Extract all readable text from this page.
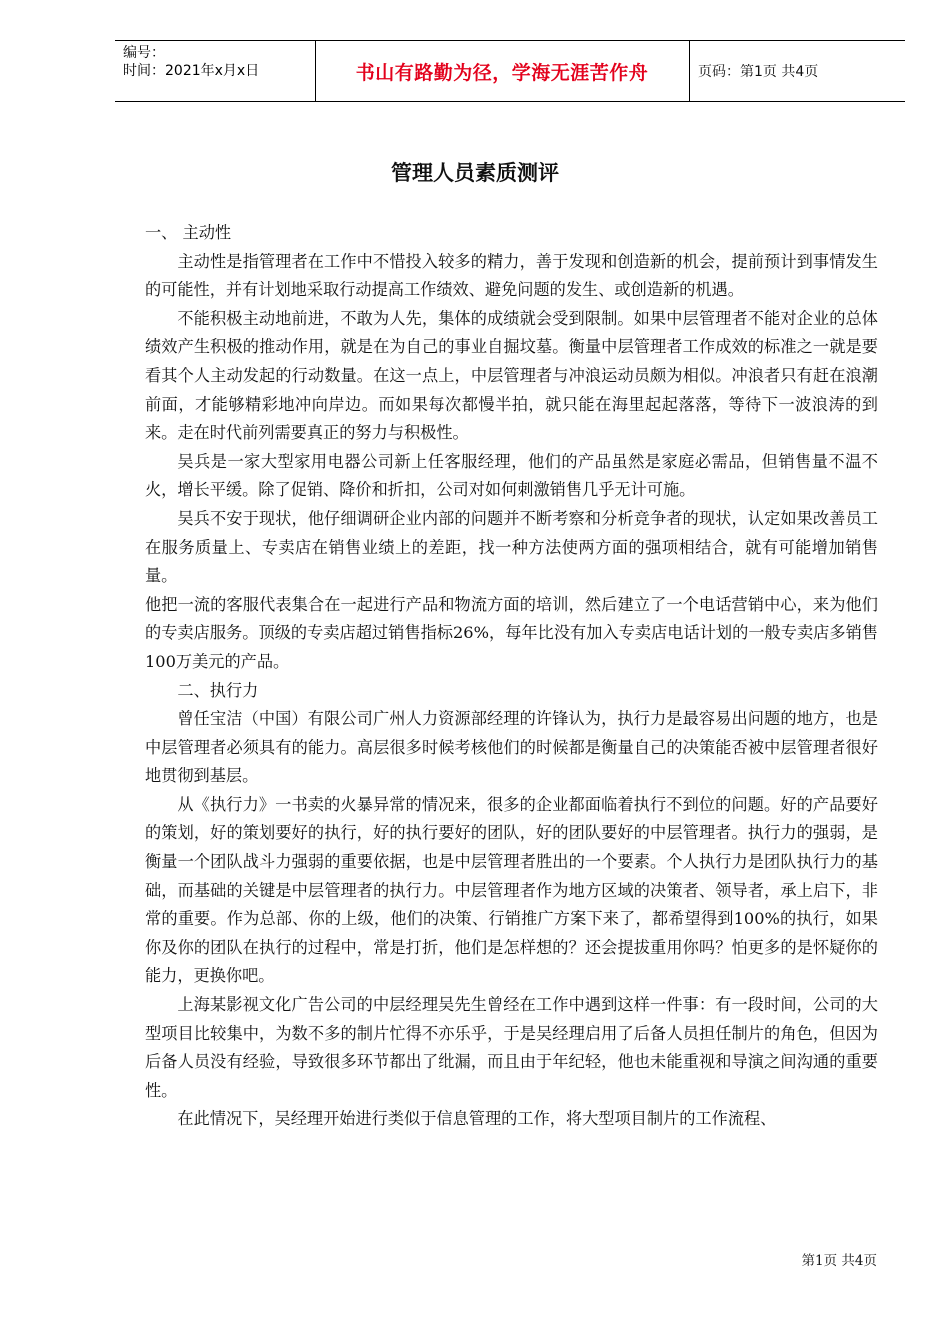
编号：
时间：2021年x月x日	书山有路勤为径，学海无涯苦作舟	页码：第1页 共4页
管理人员素质测评

一、 主动性

主动性是指管理者在工作中不惜投入较多的精力，善于发现和创造新的机会，提前预计到事情发生的可能性，并有计划地采取行动提高工作绩效、避免问题的发生、或创造新的机遇。

不能积极主动地前进，不敢为人先，集体的成绩就会受到限制。如果中层管理者不能对企业的总体绩效产生积极的推动作用，就是在为自己的事业自掘坟墓。衡量中层管理者工作成效的标准之一就是要看其个人主动发起的行动数量。在这一点上，中层管理者与冲浪运动员颇为相似。冲浪者只有赶在浪潮前面，才能够精彩地冲向岸边。而如果每次都慢半拍，就只能在海里起起落落，等待下一波浪涛的到来。走在时代前列需要真正的努力与积极性。

吴兵是一家大型家用电器公司新上任客服经理，他们的产品虽然是家庭必需品，但销售量不温不火，增长平缓。除了促销、降价和折扣，公司对如何刺激销售几乎无计可施。

吴兵不安于现状，他仔细调研企业内部的问题并不断考察和分析竞争者的现状，认定如果改善员工在服务质量上、专卖店在销售业绩上的差距，找一种方法使两方面的强项相结合，就有可能增加销售量。

他把一流的客服代表集合在一起进行产品和物流方面的培训，然后建立了一个电话营销中心，来为他们的专卖店服务。顶级的专卖店超过销售指标26%，每年比没有加入专卖店电话计划的一般专卖店多销售100万美元的产品。

二、执行力

曾任宝洁（中国）有限公司广州人力资源部经理的许锋认为，执行力是最容易出问题的地方，也是中层管理者必须具有的能力。高层很多时候考核他们的时候都是衡量自己的决策能否被中层管理者很好地贯彻到基层。

从《执行力》一书卖的火暴异常的情况来，很多的企业都面临着执行不到位的问题。好的产品要好的策划，好的策划要好的执行，好的执行要好的团队，好的团队要好的中层管理者。执行力的强弱，是衡量一个团队战斗力强弱的重要依据，也是中层管理者胜出的一个要素。个人执行力是团队执行力的基础，而基础的关键是中层管理者的执行力。中层管理者作为地方区域的决策者、领导者，承上启下，非常的重要。作为总部、你的上级，他们的决策、行销推广方案下来了，都希望得到100%的执行，如果你及你的团队在执行的过程中，常是打折，他们是怎样想的？还会提拔重用你吗？怕更多的是怀疑你的能力，更换你吧。

上海某影视文化广告公司的中层经理吴先生曾经在工作中遇到这样一件事：有一段时间，公司的大型项目比较集中，为数不多的制片忙得不亦乐乎，于是吴经理启用了后备人员担任制片的角色，但因为后备人员没有经验，导致很多环节都出了纰漏，而且由于年纪轻，他也未能重视和导演之间沟通的重要性。

在此情况下，吴经理开始进行类似于信息管理的工作，将大型项目制片的工作流程、

第1页 共4页
